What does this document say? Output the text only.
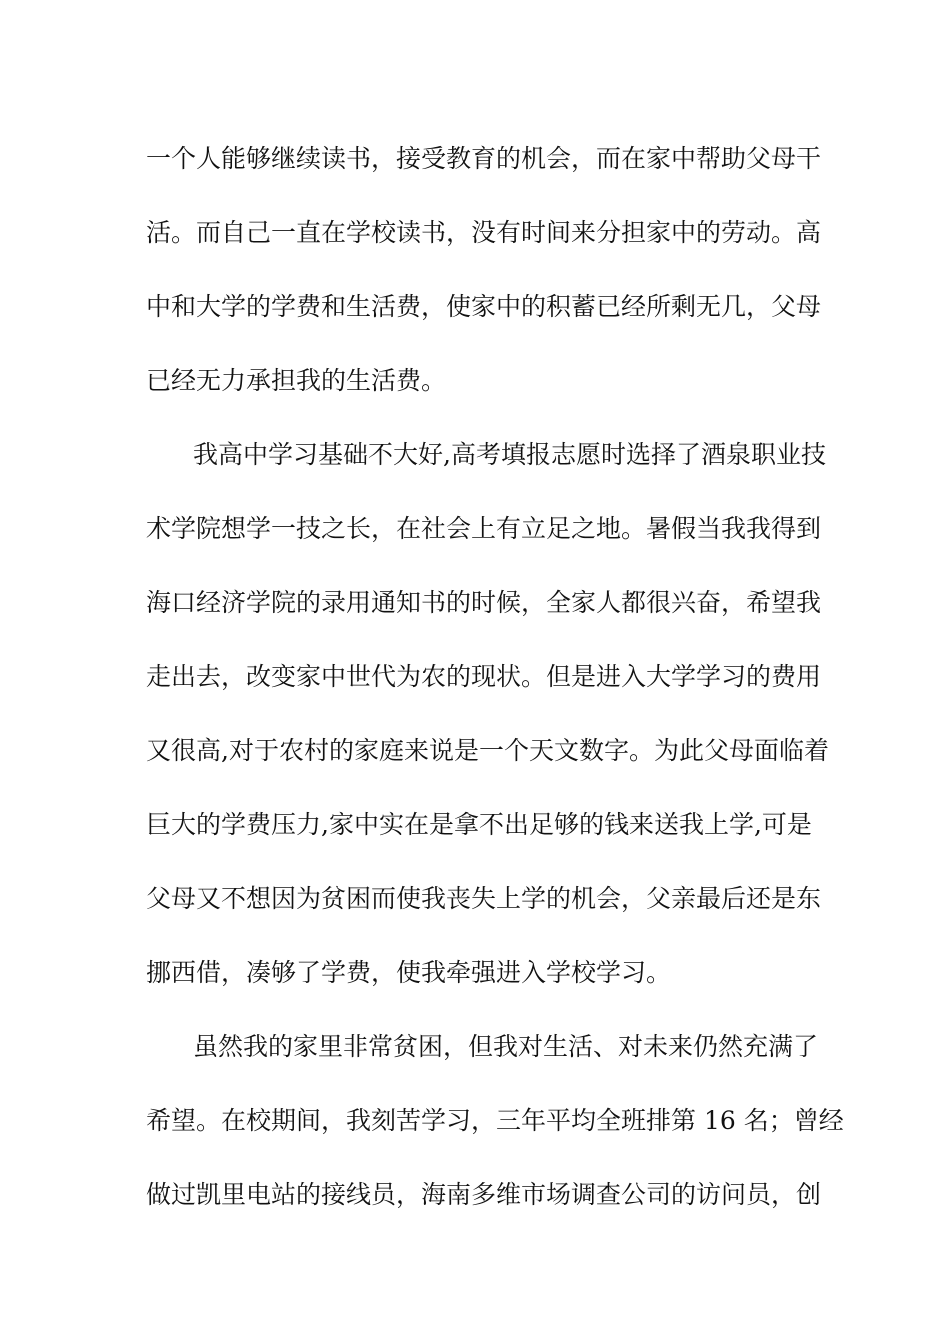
一个人能够继续读书，接受教育的机会，而在家中帮助父母干
活。而自己一直在学校读书，没有时间来分担家中的劳动。高
中和大学的学费和生活费，使家中的积蓄已经所剩无几，父母
已经无力承担我的生活费。
我高中学习基础不大好,高考填报志愿时选择了酒泉职业技
术学院想学一技之长，在社会上有立足之地。暑假当我我得到
海口经济学院的录用通知书的时候，全家人都很兴奋，希望我
走出去，改变家中世代为农的现状。但是进入大学学习的费用
又很高,对于农村的家庭来说是一个天文数字。为此父母面临着
巨大的学费压力,家中实在是拿不出足够的钱来送我上学,可是
父母又不想因为贫困而使我丧失上学的机会，父亲最后还是东
挪西借，凑够了学费，使我牵强进入学校学习。
虽然我的家里非常贫困，但我对生活、对未来仍然充满了
希望。在校期间，我刻苦学习，三年平均全班排第 16 名；曾经
做过凯里电站的接线员，海南多维市场调查公司的访问员，创
